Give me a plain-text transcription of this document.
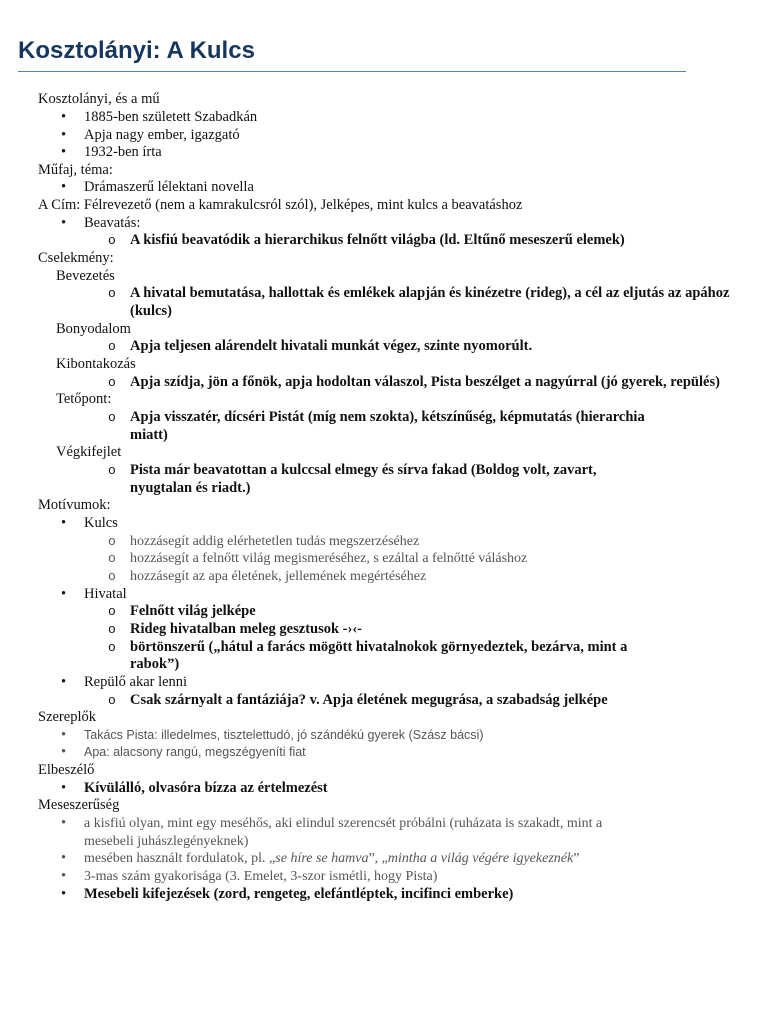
Kosztolányi: A Kulcs
Kosztolányi, és a mű
• 1885-ben született Szabadkán
• Apja nagy ember, igazgató
• 1932-ben írta
Műfaj, téma:
• Drámaszerű lélektani novella
A Cím: Félrevezető (nem a kamrakulcsról szól), Jelképes, mint kulcs a beavatáshoz
• Beavatás:
o A kisfiú beavatódik a hierarchikus felnőtt világba (ld. Eltűnő meseszerű elemek)
Cselekmény:
Bevezetés
o A hivatal bemutatása, hallottak és emlékek alapján és kinézetre (rideg), a cél az eljutás az apához
(kulcs)
Bonyodalom
o Apja teljesen alárendelt hivatali munkát végez, szinte nyomorúlt.
Kibontakozás
o Apja szídja, jön a főnök, apja hodoltan válaszol, Pista beszélget a nagyúrral (jó gyerek, repülés)
Tetőpont:
o Apja visszatér, dícséri Pistát (míg nem szokta), kétszínűség, képmutatás (hierarchia
miatt)
Végkifejlet
o Pista már beavatottan a kulccsal elmegy és sírva fakad (Boldog volt, zavart,
nyugtalan és riadt.)
Motívumok:
• Kulcs
o hozzásegít addig elérhetetlen tudás megszerzéséhez
o hozzásegít a felnőtt világ megismeréséhez, s ezáltal a felnőtté váláshoz
o hozzásegít az apa életének, jellemének megértéséhez
• Hivatal
o Felnőtt világ jelképe
o Rideg hivatalban meleg gesztusok -›‹-
o börtönszerű („hátul a farács mögött hivatalnokok görnyedeztek, bezárva, mint a
rabok”)
• Repülő akar lenni
o Csak szárnyalt a fantáziája? v. Apja életének megugrása, a szabadság jelképe
Szereplők
• Takács Pista: illedelmes, tisztelettudó, jó szándékú gyerek (Szász bácsi)
• Apa: alacsony rangú, megszégyeníti fiat
Elbeszélő
• Kívülálló, olvasóra bízza az értelmezést
Meseszerűség
• a kisfiú olyan, mint egy meséhős, aki elindul szerencsét próbálni (ruházata is szakadt, mint a
mesebeli juhászlegényeknek)
• mesében használt fordulatok, pl. „se híre se hamva”, „mintha a világ végére igyekeznék”
• 3-mas szám gyakorisága (3. Emelet, 3-szor ismétli, hogy Pista)
• Mesebeli kifejezések (zord, rengeteg, elefántléptek, incifinci emberke)
